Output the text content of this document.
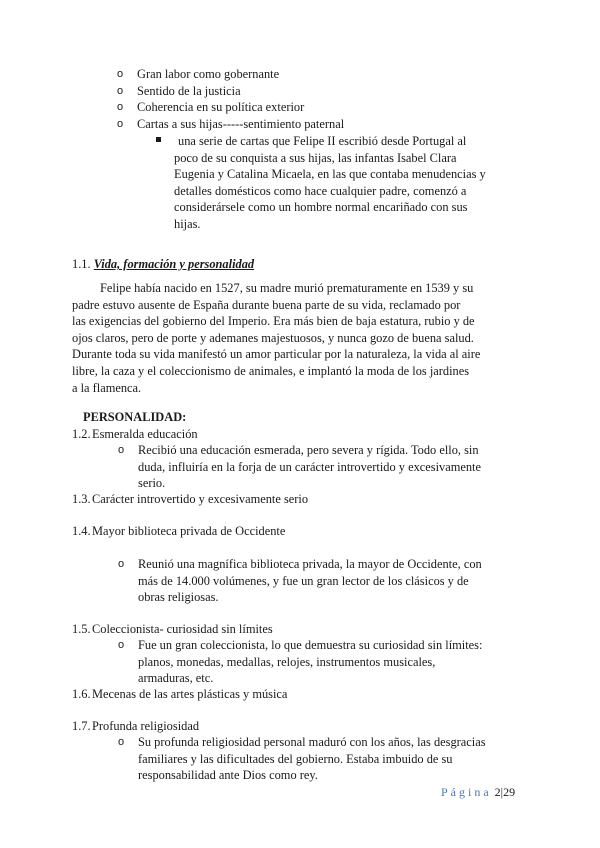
o Gran labor como gobernante
o Sentido de la justicia
o Coherencia en su política exterior
o Cartas a sus hijas-----sentimiento paternal
una serie de cartas que Felipe II escribió desde Portugal al
poco de su conquista a sus hijas, las infantas Isabel Clara
Eugenia y Catalina Micaela, en las que contaba menudencias y
detalles domésticos como hace cualquier padre, comenzó a
considerársele como un hombre normal encariñado con sus
hijas.
1.1. Vida, formación y personalidad
Felipe había nacido en 1527, su madre murió prematuramente en 1539 y su
padre estuvo ausente de España durante buena parte de su vida, reclamado por
las exigencias del gobierno del Imperio. Era más bien de baja estatura, rubio y de
ojos claros, pero de porte y ademanes majestuosos, y nunca gozo de buena salud.
Durante toda su vida manifestó un amor particular por la naturaleza, la vida al aire
libre, la caza y el coleccionismo de animales, e implantó la moda de los jardines
a la flamenca.
PERSONALIDAD:
1.2.Esmeralda educación
o Recibió una educación esmerada, pero severa y rígida. Todo ello, sin
duda, influiría en la forja de un carácter introvertido y excesivamente
serio.
1.3.Carácter introvertido y excesivamente serio
1.4.Mayor biblioteca privada de Occidente
o Reunió una magnífica biblioteca privada, la mayor de Occidente, con
más de 14.000 volúmenes, y fue un gran lector de los clásicos y de
obras religiosas.
1.5.Coleccionista- curiosidad sin límites
o Fue un gran coleccionista, lo que demuestra su curiosidad sin límites:
planos, monedas, medallas, relojes, instrumentos musicales,
armaduras, etc.
1.6.Mecenas de las artes plásticas y música
1.7.Profunda religiosidad
o Su profunda religiosidad personal maduró con los años, las desgracias
familiares y las dificultades del gobierno. Estaba imbuido de su
responsabilidad ante Dios como rey.
Página 2|29
